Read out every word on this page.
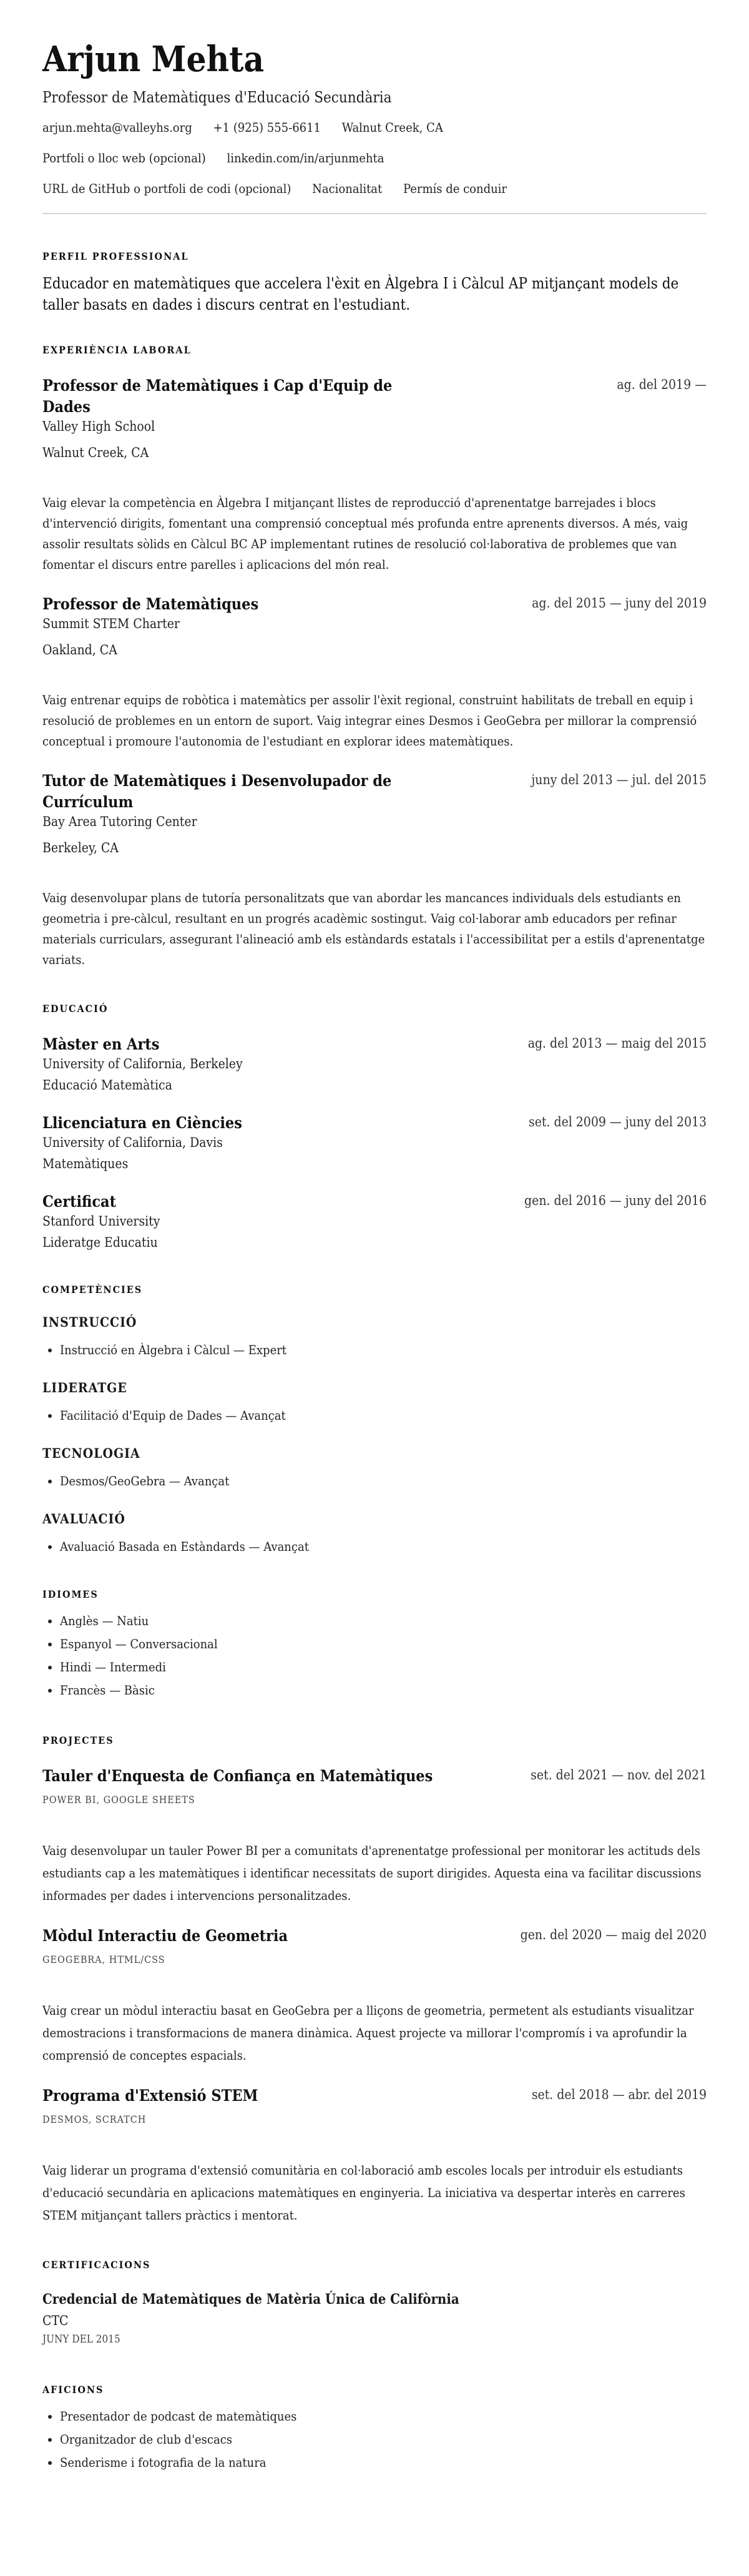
Arjun Mehta
Professor de Matemàtiques d'Educació Secundària
arjun.mehta@valleyhs.org +1 (925) 555-6611 Walnut Creek, CA
Portfoli o lloc web (opcional) linkedin.com/in/arjunmehta
URL de GitHub o portfoli de codi (opcional) Nacionalitat Permís de conduir
PERFIL PROFESSIONAL
Educador en matemàtiques que accelera l'èxit en Àlgebra I i Càlcul AP mitjançant models de taller basats en dades i discurs centrat en l'estudiant.
EXPERIÈNCIA LABORAL
Professor de Matemàtiques i Cap d'Equip de Dades
ag. del 2019 —
Valley High School
Walnut Creek, CA
Vaig elevar la competència en Àlgebra I mitjançant llistes de reproducció d'aprenentatge barrejades i blocs d'intervenció dirigits, fomentant una comprensió conceptual més profunda entre aprenents diversos. A més, vaig assolir resultats sòlids en Càlcul BC AP implementant rutines de resolució col·laborativa de problemes que van fomentar el discurs entre parelles i aplicacions del món real.
Professor de Matemàtiques	ag. del 2015 — juny del 2019
Summit STEM Charter
Oakland, CA
Vaig entrenar equips de robòtica i matemàtics per assolir l'èxit regional, construint habilitats de treball en equip i resolució de problemes en un entorn de suport. Vaig integrar eines Desmos i GeoGebra per millorar la comprensió conceptual i promoure l'autonomia de l'estudiant en explorar idees matemàtiques.
Tutor de Matemàtiques i Desenvolupador de Currículum
juny del 2013 — jul. del 2015
Bay Area Tutoring Center
Berkeley, CA
Vaig desenvolupar plans de tutoría personalitzats que van abordar les mancances individuals dels estudiants en geometria i pre-càlcul, resultant en un progrés acadèmic sostingut. Vaig col·laborar amb educadors per refinar materials curriculars, assegurant l'alineació amb els estàndards estatals i l'accessibilitat per a estils d'aprenentatge variats.
EDUCACIÓ
Màster en Arts	ag. del 2013 — maig del 2015
University of California, Berkeley
Educació Matemàtica
Llicenciatura en Ciències	set. del 2009 — juny del 2013
University of California, Davis
Matemàtiques
Certificat	gen. del 2016 — juny del 2016
Stanford University
Lideratge Educatiu
COMPETÈNCIES
INSTRUCCIÓ
• Instrucció en Àlgebra i Càlcul — Expert
LIDERATGE
• Facilitació d'Equip de Dades — Avançat
TECNOLOGIA
• Desmos/GeoGebra — Avançat
AVALUACIÓ
• Avaluació Basada en Estàndards — Avançat
IDIOMES
• Anglès — Natiu
• Espanyol — Conversacional
• Hindi — Intermedi
• Francès — Bàsic
PROJECTES
Tauler d'Enquesta de Confiança en Matemàtiques	set. del 2021 — nov. del 2021
POWER BI, GOOGLE SHEETS
Vaig desenvolupar un tauler Power BI per a comunitats d'aprenentatge professional per monitorar les actituds dels estudiants cap a les matemàtiques i identificar necessitats de suport dirigides. Aquesta eina va facilitar discussions informades per dades i intervencions personalitzades.
Mòdul Interactiu de Geometria	gen. del 2020 — maig del 2020
GEOGEBRA, HTML/CSS
Vaig crear un mòdul interactiu basat en GeoGebra per a lliçons de geometria, permetent als estudiants visualitzar demostracions i transformacions de manera dinàmica. Aquest projecte va millorar l'compromís i va aprofundir la comprensió de conceptes espacials.
Programa d'Extensió STEM	set. del 2018 — abr. del 2019
DESMOS, SCRATCH
Vaig liderar un programa d'extensió comunitària en col·laboració amb escoles locals per introduir els estudiants d'educació secundària en aplicacions matemàtiques en enginyeria. La iniciativa va despertar interès en carreres STEM mitjançant tallers pràctics i mentorat.
CERTIFICACIONS
Credencial de Matemàtiques de Matèria Única de Califòrnia
CTC
JUNY DEL 2015
AFICIONS
• Presentador de podcast de matemàtiques
• Organitzador de club d'escacs
• Senderisme i fotografia de la natura
